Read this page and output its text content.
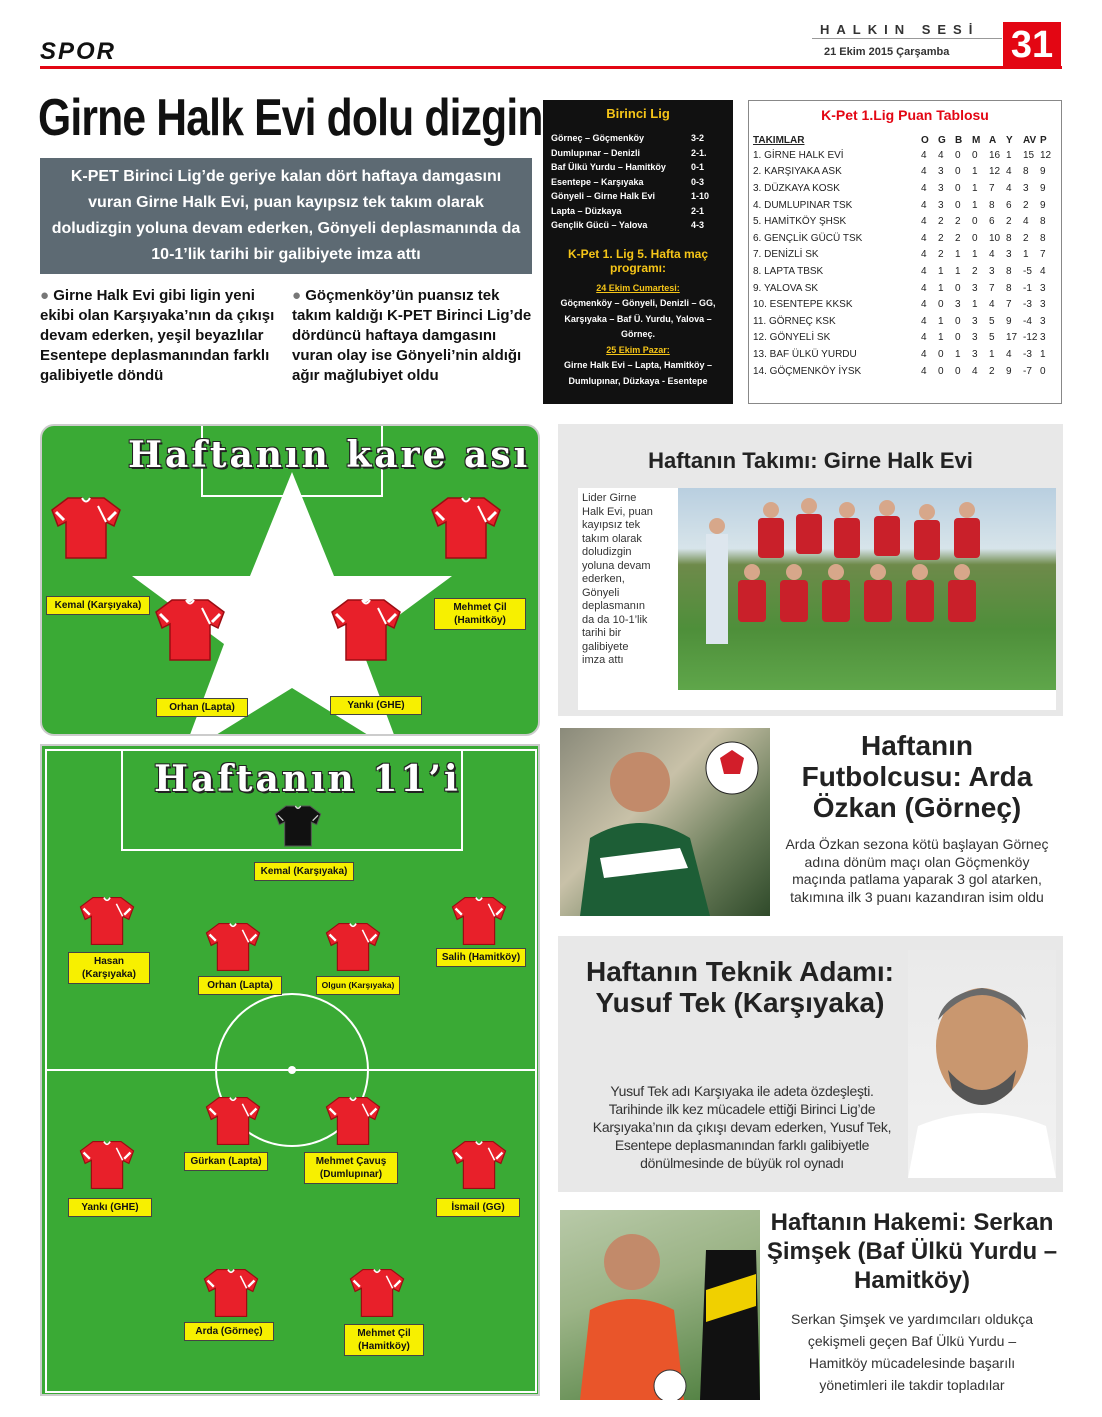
SPOR
HALKIN SESİ
21 Ekim 2015 Çarşamba 31
Girne Halk Evi dolu dizgin
K-PET Birinci Lig’de geriye kalan dört haftaya damgasını vuran Girne Halk Evi, puan kayıpsız tek takım olarak doludizgin yoluna devam ederken, Gönyeli deplasmanında da 10-1’lik tarihi bir galibiyete imza attı
● Girne Halk Evi gibi ligin yeni ekibi olan Karşıyaka’nın da çıkışı devam ederken, yeşil beyazlılar Esentepe deplasmanından farklı galibiyetle döndü
● Göçmenköy’ün puansız tek takım kaldığı K-PET Birinci Lig’de dördüncü haftaya damgasını vuran olay ise Gönyeli’nin aldığı ağır mağlubiyet oldu
Birinci Lig
Görneç – Göçmenköy	3-2
Dumlupınar – Denizli	2-1.
Baf Ülkü Yurdu – Hamitköy	0-1
Esentepe – Karşıyaka	0-3
Gönyeli – Girne Halk Evi	1-10
Lapta – Düzkaya	2-1
Gençlik Gücü – Yalova	4-3
K-Pet 1. Lig 5. Hafta maç programı:
24 Ekim Cumartesi:
Göçmenköy – Gönyeli, Denizli – GG, Karşıyaka – Baf Ü. Yurdu, Yalova – Görneç.
25 Ekim Pazar:
Girne Halk Evi – Lapta, Hamitköy – Dumlupınar, Düzkaya - Esentepe
K-Pet 1.Lig Puan Tablosu
TAKIMLAR	O	G	B	M	A	Y	AV	P
1. GİRNE HALK EVİ	4	4	0	0	16	1	15	12
2. KARŞIYAKA ASK	4	3	0	1	12	4	8	9
3. DÜZKAYA KOSK	4	3	0	1	7	4	3	9
4. DUMLUPINAR TSK	4	3	0	1	8	6	2	9
5. HAMİTKÖY ŞHSK	4	2	2	0	6	2	4	8
6. GENÇLİK GÜCÜ TSK	4	2	2	0	10	8	2	8
7. DENİZLİ SK	4	2	1	1	4	3	1	7
8. LAPTA TBSK	4	1	1	2	3	8	-5	4
9. YALOVA SK	4	1	0	3	7	8	-1	3
10. ESENTEPE KKSK	4	0	3	1	4	7	-3	3
11. GÖRNEÇ KSK	4	1	0	3	5	9	-4	3
12. GÖNYELİ SK	4	1	0	3	5	17	-12	3
13. BAF ÜLKÜ YURDU	4	0	1	3	1	4	-3	1
14. GÖÇMENKÖY İYSK	4	0	0	4	2	9	-7	0
Haftanın kare ası
Kemal (Karşıyaka)	Mehmet Çil (Hamitköy)
Orhan (Lapta)	Yankı (GHE)
Haftanın 11’i
Kemal (Karşıyaka)
Hasan (Karşıyaka)
Orhan (Lapta)	Olgun (Karşıyaka)
Salih (Hamitköy)
Yankı (GHE)
Gürkan (Lapta)	Mehmet Çavuş (Dumlupınar)
İsmail (GG)
Arda (Görneç)	Mehmet Çil (Hamitköy)
Haftanın Takımı: Girne Halk Evi
Lider Girne Halk Evi, puan kayıpsız tek takım olarak doludizgin yoluna devam ederken, Gönyeli deplasmanın da da 10-1’lik tarihi bir galibiyete imza attı
Haftanın Futbolcusu: Arda Özkan (Görneç)
Arda Özkan sezona kötü başlayan Görneç adına dönüm maçı olan Göçmenköy maçında patlama yaparak 3 gol atarken, takımına ilk 3 puanı kazandıran isim oldu
Haftanın Teknik Adamı: Yusuf Tek (Karşıyaka)
Yusuf Tek adı Karşıyaka ile adeta özdeşleşti. Tarihinde ilk kez mücadele ettiği Birinci Lig’de Karşıyaka’nın da çıkışı devam ederken, Yusuf Tek, Esentepe deplasmanından farklı galibiyetle dönülmesinde de büyük rol oynadı
Haftanın Hakemi: Serkan Şimşek (Baf Ülkü Yurdu – Hamitköy)
Serkan Şimşek ve yardımcıları oldukça çekişmeli geçen Baf Ülkü Yurdu – Hamitköy mücadelesinde başarılı yönetimleri ile takdir topladılar
